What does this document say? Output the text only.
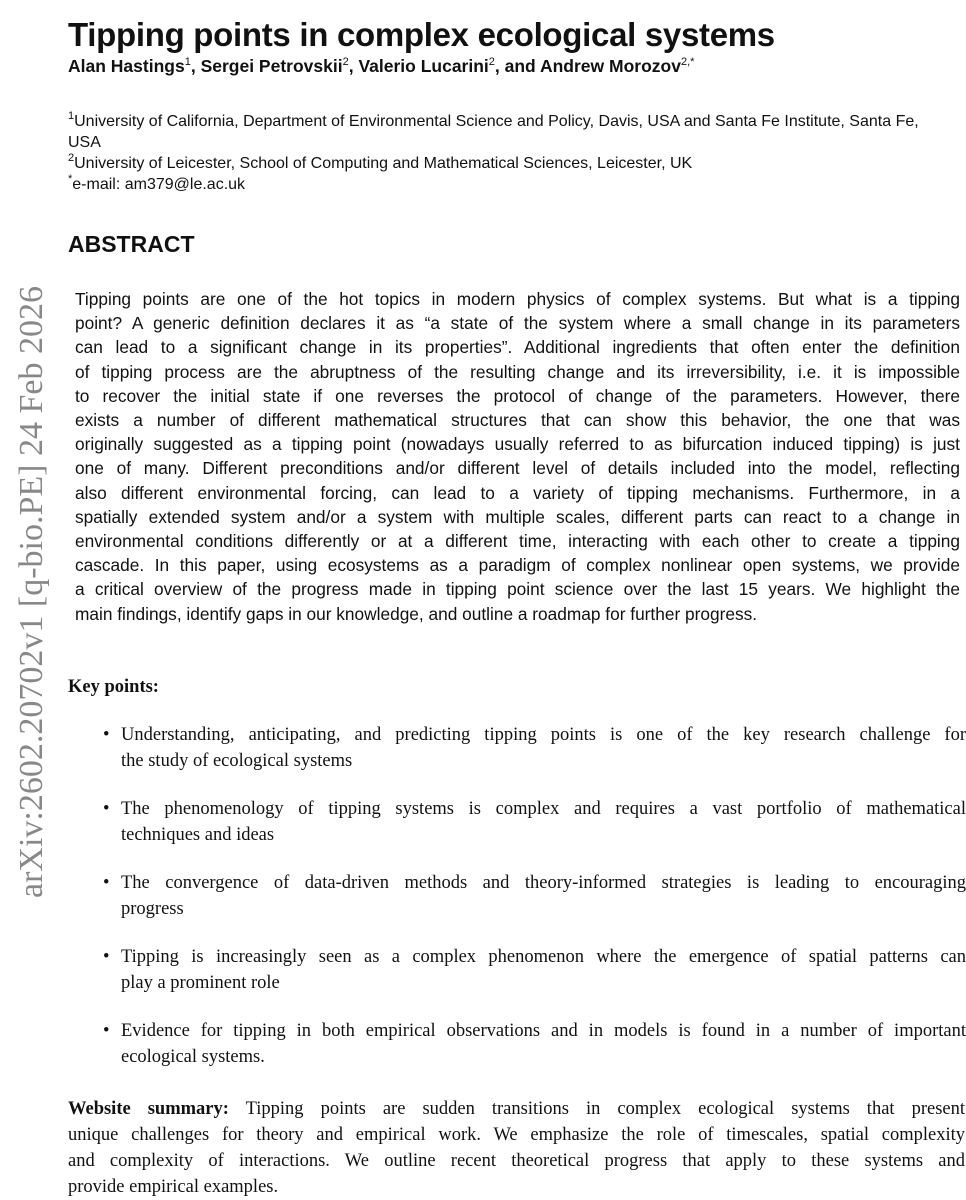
arXiv:2602.20702v1 [q-bio.PE] 24 Feb 2026
Tipping points in complex ecological systems
Alan Hastings$^1$, Sergei Petrovskii$^2$, Valerio Lucarini$^2$, and Andrew Morozov$^{2,*}$
$^1$University of California, Department of Environmental Science and Policy, Davis, USA and Santa Fe Institute, Santa Fe, USA
$^2$University of Leicester, School of Computing and Mathematical Sciences, Leicester, UK
*e-mail: am379@le.ac.uk
ABSTRACT
Tipping points are one of the hot topics in modern physics of complex systems. But what is a tipping
point? A generic definition declares it as “a state of the system where a small change in its parameters
can lead to a significant change in its properties”. Additional ingredients that often enter the definition
of tipping process are the abruptness of the resulting change and its irreversibility, i.e. it is impossible
to recover the initial state if one reverses the protocol of change of the parameters. However, there
exists a number of different mathematical structures that can show this behavior, the one that was
originally suggested as a tipping point (nowadays usually referred to as bifurcation induced tipping) is just
one of many. Different preconditions and/or different level of details included into the model, reflecting
also different environmental forcing, can lead to a variety of tipping mechanisms. Furthermore, in a
spatially extended system and/or a system with multiple scales, different parts can react to a change in
environmental conditions differently or at a different time, interacting with each other to create a tipping
cascade. In this paper, using ecosystems as a paradigm of complex nonlinear open systems, we provide
a critical overview of the progress made in tipping point science over the last 15 years. We highlight the
main findings, identify gaps in our knowledge, and outline a roadmap for further progress.
Key points:
• Understanding, anticipating, and predicting tipping points is one of the key research challenge for
the study of ecological systems
• The phenomenology of tipping systems is complex and requires a vast portfolio of mathematical
techniques and ideas
• The convergence of data-driven methods and theory-informed strategies is leading to encouraging
progress
• Tipping is increasingly seen as a complex phenomenon where the emergence of spatial patterns can
play a prominent role
• Evidence for tipping in both empirical observations and in models is found in a number of important
ecological systems.
Website summary: Tipping points are sudden transitions in complex ecological systems that present
unique challenges for theory and empirical work. We emphasize the role of timescales, spatial complexity
and complexity of interactions. We outline recent theoretical progress that apply to these systems and
provide empirical examples.
